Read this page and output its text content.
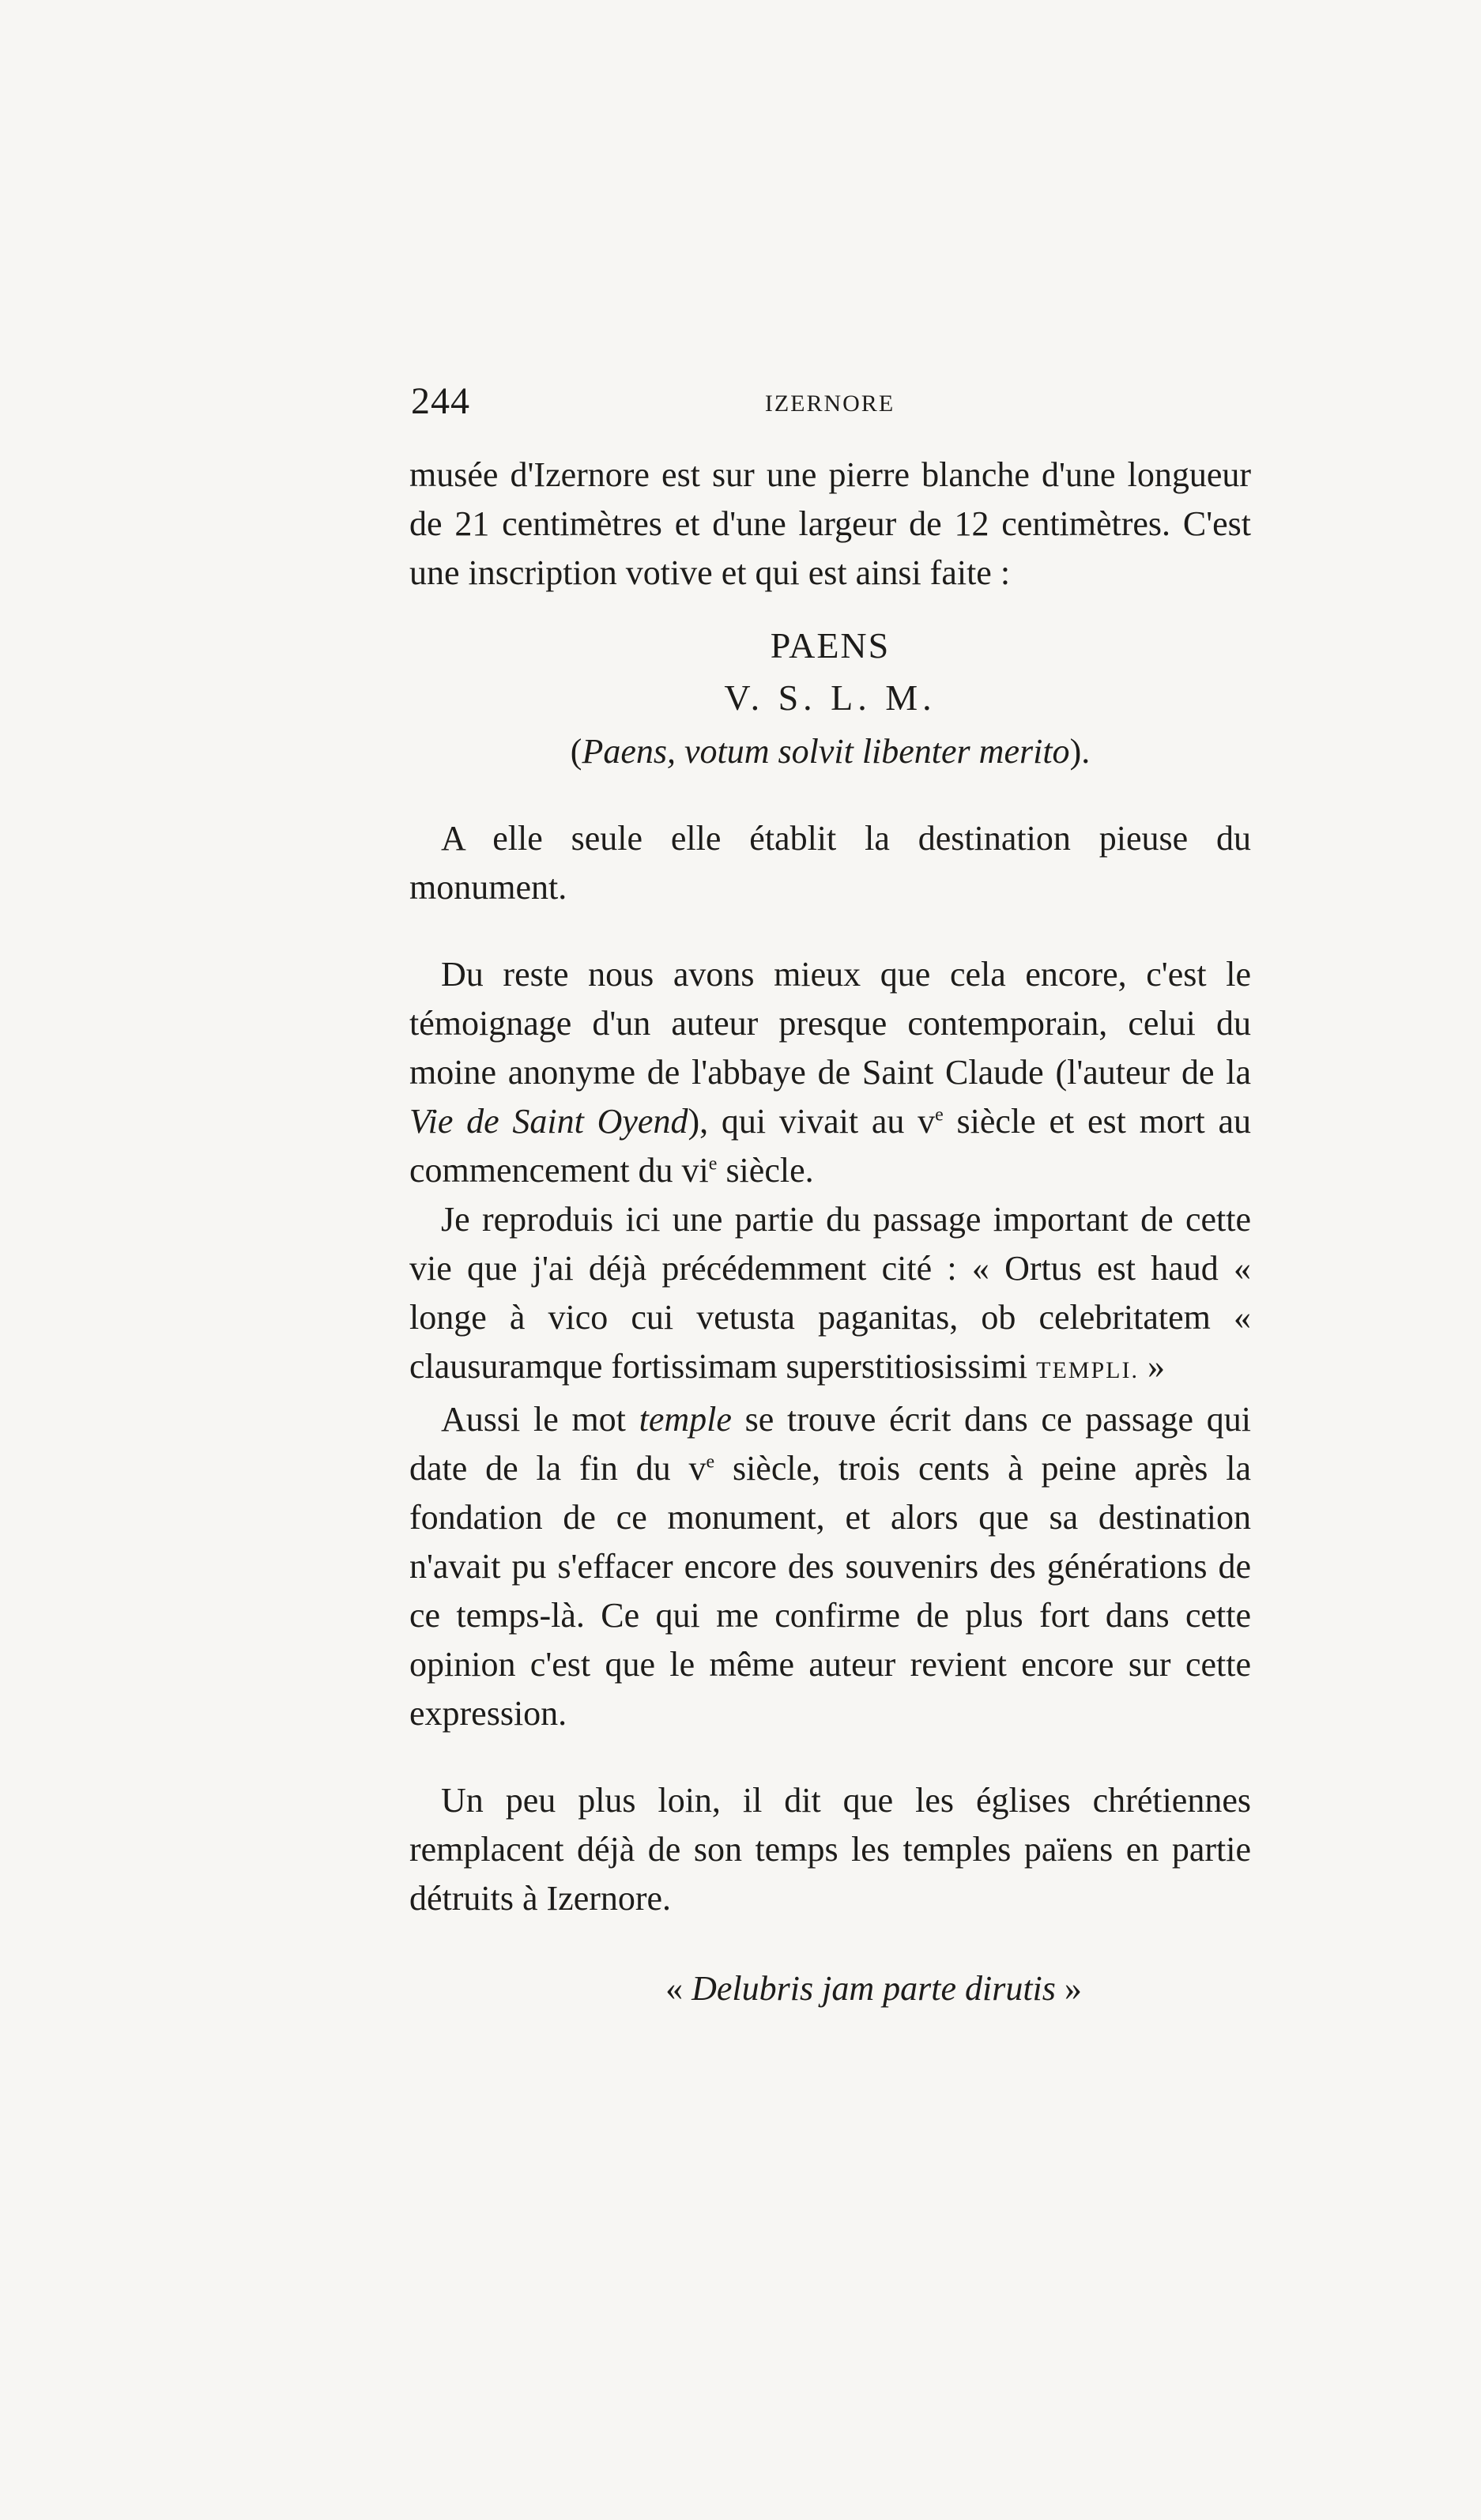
244	IZERNORE

musée d'Izernore est sur une pierre blanche d'une longueur de 21 centimètres et d'une largeur de 12 centimètres. C'est une inscription votive et qui est ainsi faite :

PAENS

V. S. L. M.

(Paens, votum solvit libenter merito).

A elle seule elle établit la destination pieuse du monument.

Du reste nous avons mieux que cela encore, c'est le témoignage d'un auteur presque contemporain, celui du moine anonyme de l'abbaye de Saint Claude (l'auteur de la Vie de Saint Oyend), qui vivait au $v^e$ siècle et est mort au commencement du $vi^e$ siècle.

Je reproduis ici une partie du passage important de cette vie que j'ai déjà précédemment cité : « Ortus est haud « longe à vico cui vetusta paganitas, ob celebritatem « clausuramque fortissimam superstitiosissimi TEMPLI. »

Aussi le mot temple se trouve écrit dans ce passage qui date de la fin du $v^e$ siècle, trois cents à peine après la fondation de ce monument, et alors que sa destination n'avait pu s'effacer encore des souvenirs des générations de ce temps-là. Ce qui me confirme de plus fort dans cette opinion c'est que le même auteur revient encore sur cette expression.

Un peu plus loin, il dit que les églises chrétiennes remplacent déjà de son temps les temples païens en partie détruits à Izernore.

« Delubris jam parte dirutis »
